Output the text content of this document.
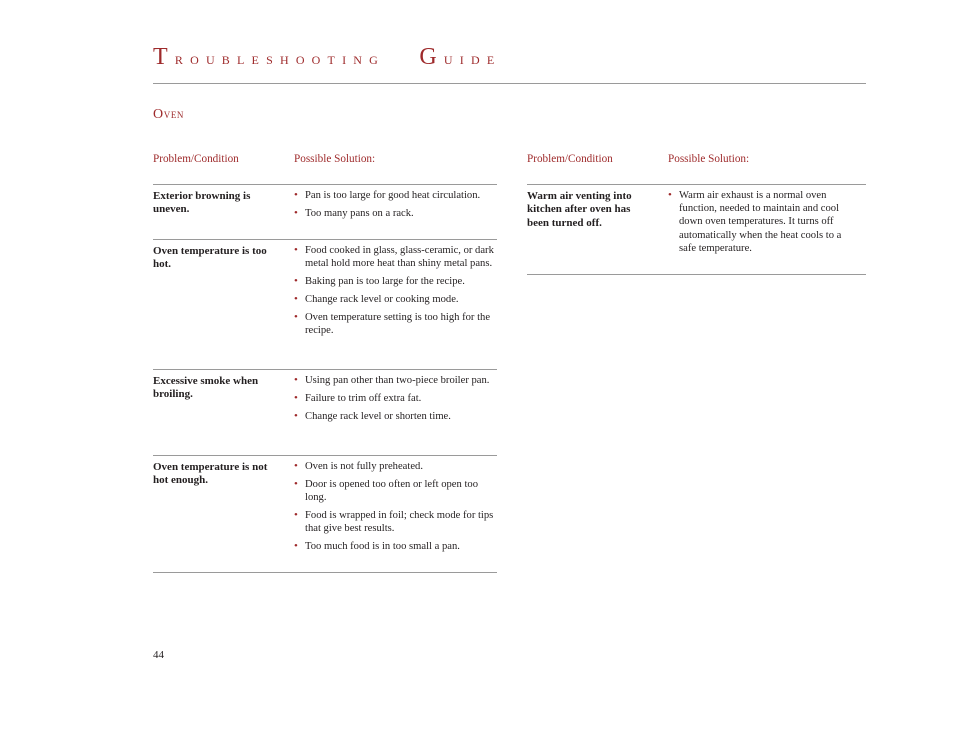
Troubleshooting Guide
Oven
Problem/Condition	Possible Solution:
Exterior browning is uneven.
• Pan is too large for good heat circulation.
• Too many pans on a rack.
Oven temperature is too hot.
• Food cooked in glass, glass-ceramic, or dark metal hold more heat than shiny metal pans.
• Baking pan is too large for the recipe.
• Change rack level or cooking mode.
• Oven temperature setting is too high for the recipe.
Excessive smoke when broiling.
• Using pan other than two-piece broiler pan.
• Failure to trim off extra fat.
• Change rack level or shorten time.
Oven temperature is not hot enough.
• Oven is not fully preheated.
• Door is opened too often or left open too long.
• Food is wrapped in foil; check mode for tips that give best results.
• Too much food is in too small a pan.
Problem/Condition	Possible Solution:
Warm air venting into kitchen after oven has been turned off.
• Warm air exhaust is a normal oven function, needed to maintain and cool down oven temperatures. It turns off automatically when the heat cools to a safe temperature.
44
